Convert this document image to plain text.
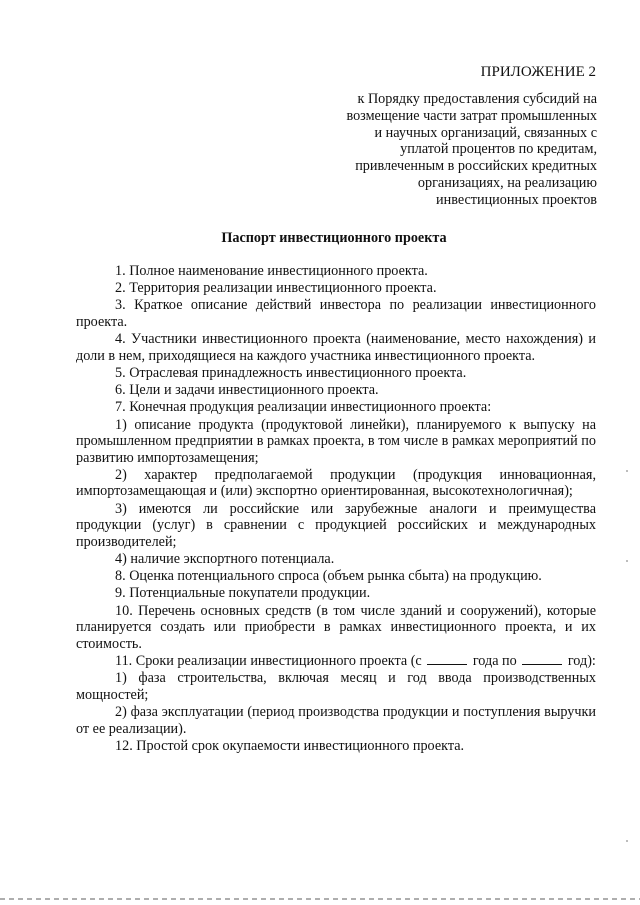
ПРИЛОЖЕНИЕ 2
к Порядку предоставления субсидий на
возмещение части затрат промышленных
и научных организаций, связанных с
уплатой процентов по кредитам,
привлеченным в российских кредитных
организациях, на реализацию
инвестиционных проектов
Паспорт инвестиционного проекта

1. Полное наименование инвестиционного проекта.

2. Территория реализации инвестиционного проекта.

3. Краткое описание действий инвестора по реализации инвестиционного проекта.

4. Участники инвестиционного проекта (наименование, место нахождения) и доли в нем, приходящиеся на каждого участника инвестиционного проекта.

5. Отраслевая принадлежность инвестиционного проекта.

6. Цели и задачи инвестиционного проекта.

7. Конечная продукция реализации инвестиционного проекта:

1) описание продукта (продуктовой линейки), планируемого к выпуску на промышленном предприятии в рамках проекта, в том числе в рамках мероприятий по развитию импортозамещения;

2) характер предполагаемой продукции (продукция инновационная, импортозамещающая и (или) экспортно ориентированная, высокотехнологичная);

3) имеются ли российские или зарубежные аналоги и преимущества продукции (услуг) в сравнении с продукцией российских и международных производителей;

4) наличие экспортного потенциала.

8. Оценка потенциального спроса (объем рынка сбыта) на продукцию.

9. Потенциальные покупатели продукции.

10. Перечень основных средств (в том числе зданий и сооружений), которые планируется создать или приобрести в рамках инвестиционного проекта, и их стоимость.

11. Сроки реализации инвестиционного проекта (с	года по	год):

1) фаза строительства, включая месяц и год ввода производственных мощностей;

2) фаза эксплуатации (период производства продукции и поступления выручки от ее реализации).

12. Простой срок окупаемости инвестиционного проекта.
